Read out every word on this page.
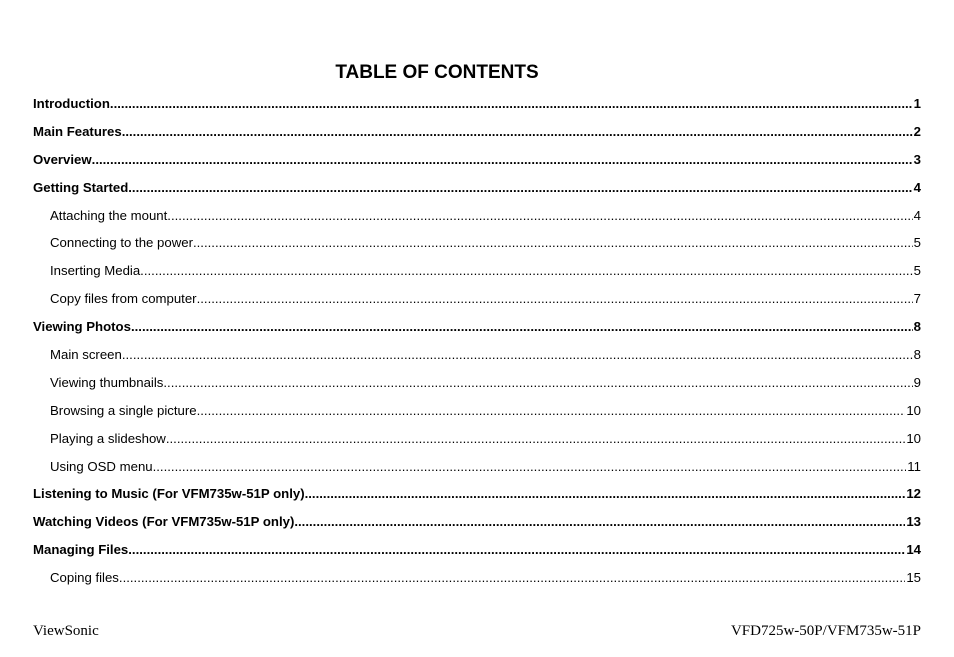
TABLE OF CONTENTS
Introduction .....	1
Main Features .....	2
Overview .....	3
Getting Started .....	4
Attaching the mount .....	4
Connecting to the power .....	5
Inserting Media .....	5
Copy files from computer .....	7
Viewing Photos .....	8
Main screen .....	8
Viewing thumbnails .....	9
Browsing a single picture .....	10
Playing a slideshow .....	10
Using OSD menu .....	11
Listening to Music (For VFM735w-51P only) .....	12
Watching Videos (For VFM735w-51P only) .....	13
Managing Files .....	14
Coping files .....	15
ViewSonic	VFD725w-50P/VFM735w-51P
